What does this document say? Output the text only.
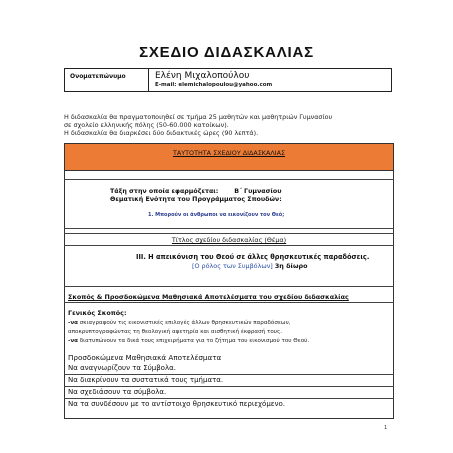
ΣΧΕΔΙΟ ΔΙΔΑΣΚΑΛΙΑΣ
Ονοματεπώνυμο	Ελένη Μιχαλοπούλου
E-mail: elemichalopoulou@yahoo.com

Η διδασκαλία θα πραγματοποιηθεί σε τμήμα 25 μαθητών και μαθητριών Γυμνασίου

σε σχολείο ελληνικής πόλης (50-60.000 κατοίκων).

Η διδασκαλία θα διαρκέσει δύο διδακτικές ώρες (90 λεπτά).

ΤΑΥΤΟΤΗΤΑ ΣΧΕΔΙΟΥ ΔΙΔΑΣΚΑΛΙΑΣ
Τάξη στην οποία εφαρμόζεται:	Β΄ Γυμνασίου
Θεματική Ενότητα του Προγράμματος Σπουδών:
1. Μπορούν οι άνθρωποι να εικονίζουν τον Θεό;
Τίτλος σχεδίου διδασκαλίας (Θέμα)
ΙΙΙ. Η απεικόνιση του Θεού σε άλλες θρησκευτικές παραδόσεις.
[Ο ρόλος των Συμβόλων] 3η δίωρο
Σκοπός & Προσδοκώμενα Μαθησιακά Αποτελέσματα του σχεδίου διδασκαλίας
Γενικός Σκοπός:
-να σκιαγραφούν τις εικονιστικές επιλογές άλλων θρησκευτικών παραδόσεων,
αποκρυπτογραφώντας τη θεολογική αφετηρία και αισθητική έκφρασή τους.
-να διατυπώνουν τα δικά τους επιχειρήματα για το ζήτημα του εικονισμού του Θεού.
Προσδοκώμενα Μαθησιακά Αποτελέσματα
Να αναγνωρίζουν τα Σύμβολα.
Να διακρίνουν τα συστατικά τους τμήματα.
Να σχεδιάσουν τα σύμβολα.
Να τα συνδέσουν με το αντίστοιχο θρησκευτικό περιεχόμενο.
1
